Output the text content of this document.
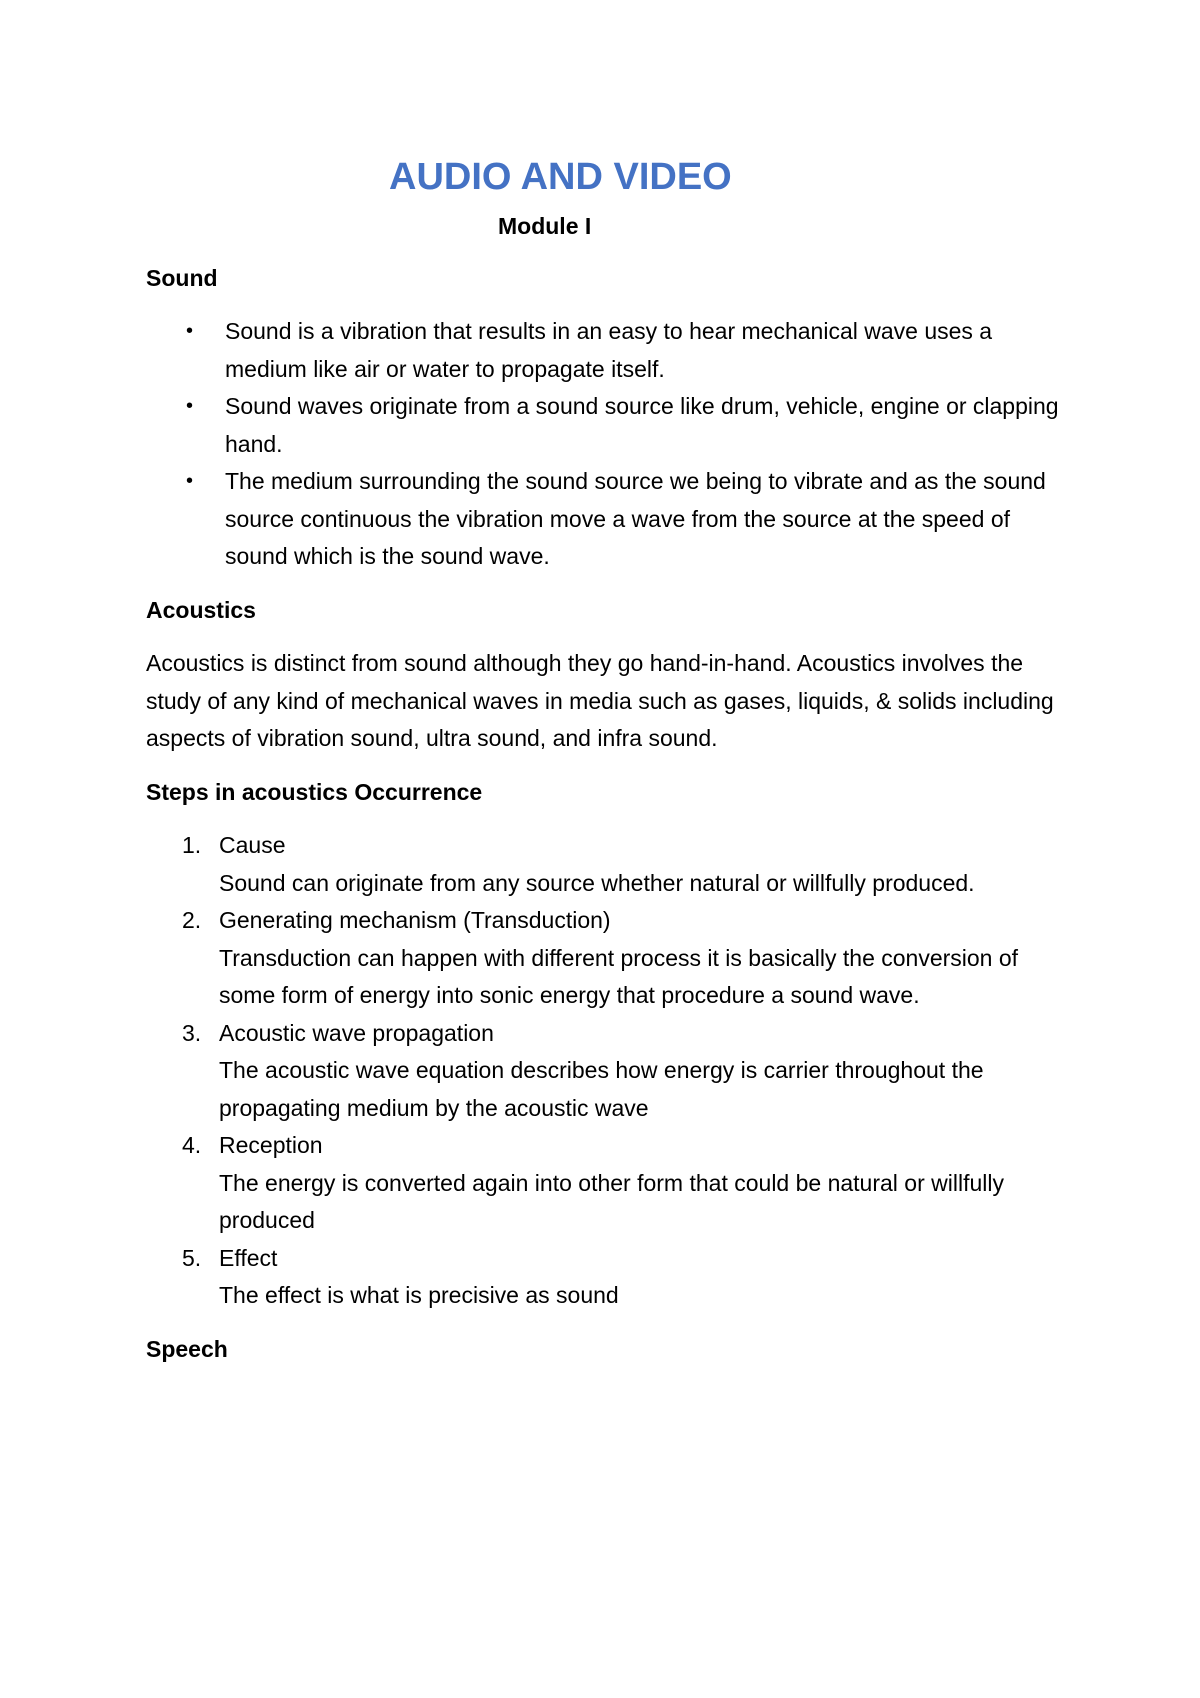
AUDIO AND VIDEO
Module I
Sound
• Sound is a vibration that results in an easy to hear mechanical wave uses a medium like air or water to propagate itself.
• Sound waves originate from a sound source like drum, vehicle, engine or clapping hand.
• The medium surrounding the sound source we being to vibrate and as the sound source continuous the vibration move a wave from the source at the speed of sound which is the sound wave.
Acoustics

Acoustics is distinct from sound although they go hand-in-hand. Acoustics involves the study of any kind of mechanical waves in media such as gases, liquids, & solids including aspects of vibration sound, ultra sound, and infra sound.

Steps in acoustics Occurrence
1. Cause
Sound can originate from any source whether natural or willfully produced.
2. Generating mechanism (Transduction)
Transduction can happen with different process it is basically the conversion of some form of energy into sonic energy that procedure a sound wave.
3. Acoustic wave propagation
The acoustic wave equation describes how energy is carrier throughout the propagating medium by the acoustic wave
4. Reception
The energy is converted again into other form that could be natural or willfully produced
5. Effect
The effect is what is precisive as sound
Speech
